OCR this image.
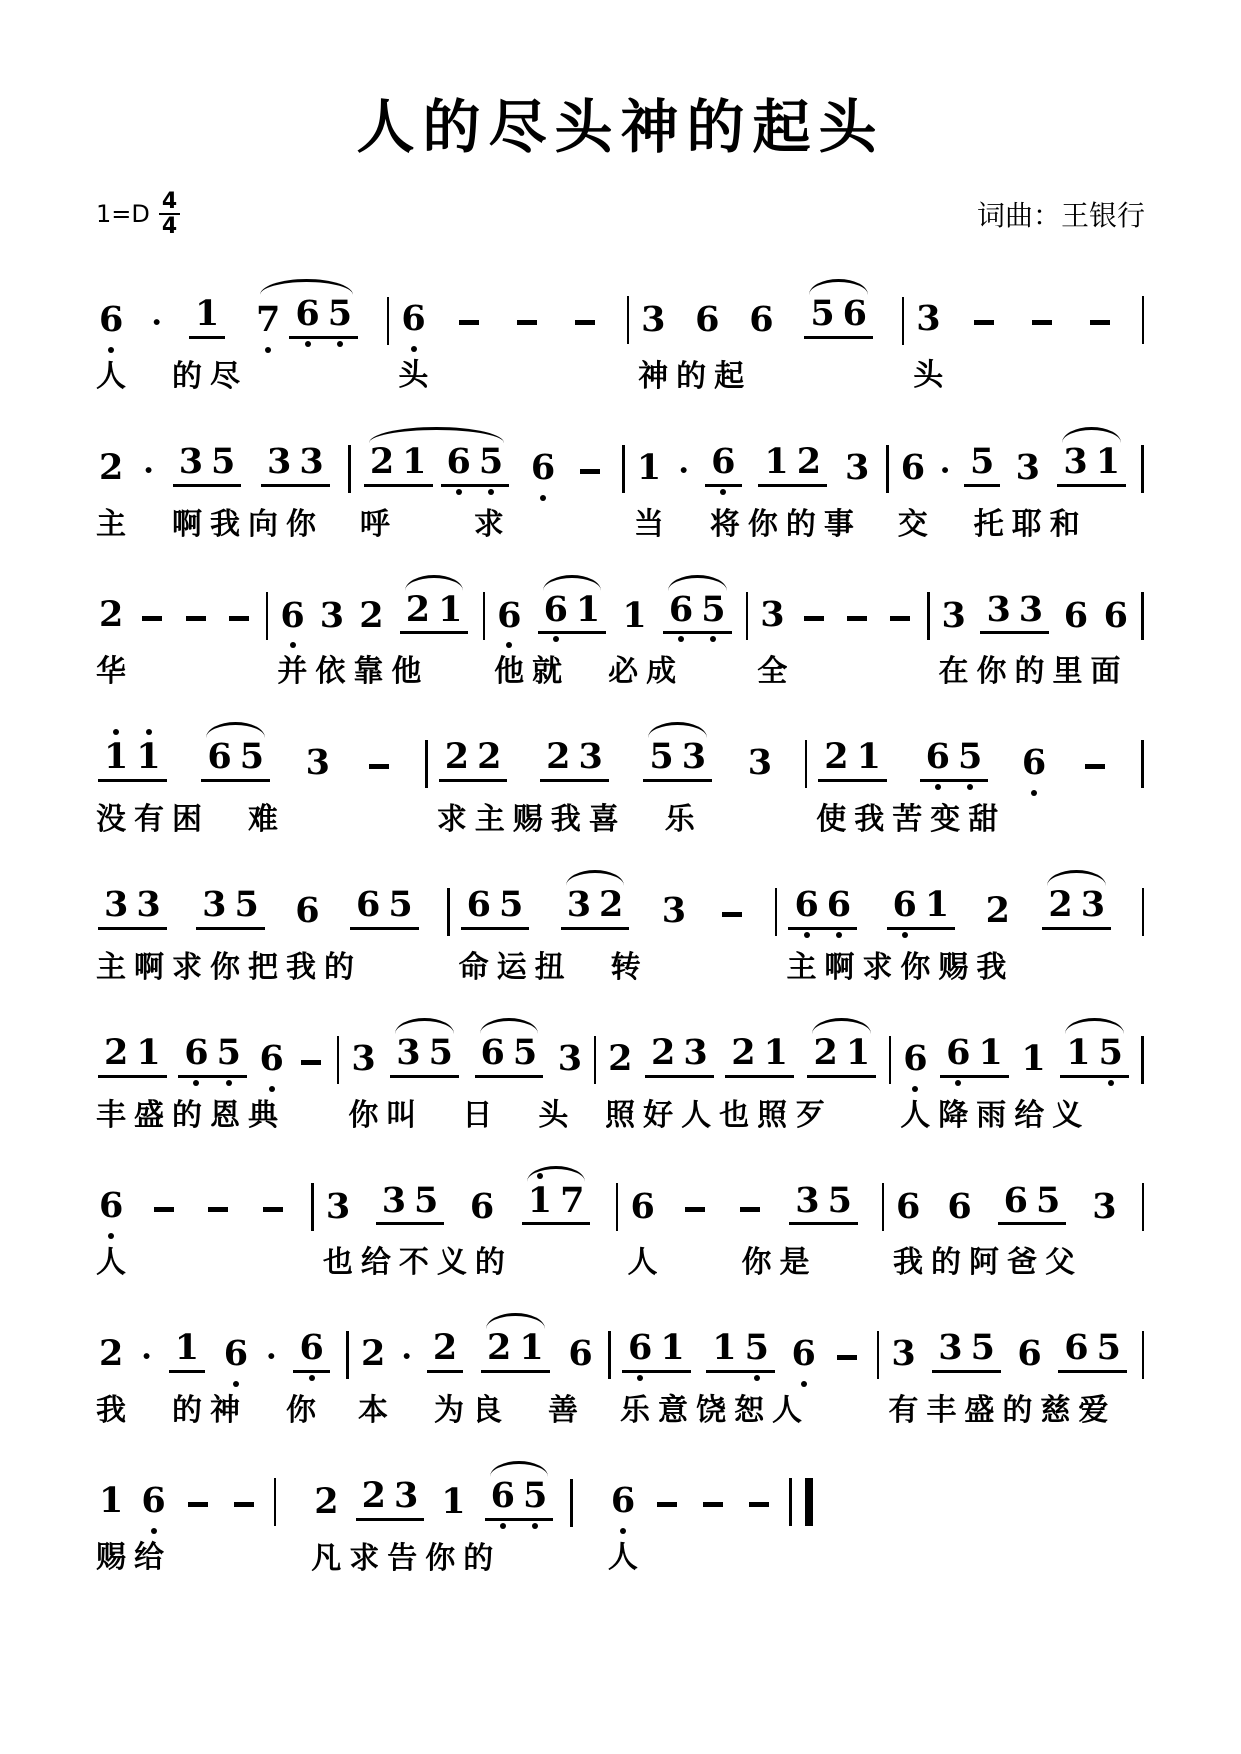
人的尽头神的起头
$1=D \frac{4}{4}$	词曲：王银行
6 · 1 7 6 5
人　的尽
6
头
3 6 6 5 6
神的起
3
头
2 · 3 5 3 3
主　啊我向你
2 1 6 5 6
呼　　求
1 · 6 1 2 3
当　将你的事
6 · 5 3 3 1
交　托耶和
2
华
6 3 2 2 1
并依靠他
6 6 1 1 6 5
他就　必成
3
全
3 3 3 6 6
在你的里面
1 1 6 5 3
没有困　难
2 2 2 3 5 3 3
求主赐我喜　乐
2 1 6 5 6
使我苦变甜
3 3 3 5 6 6 5
主啊求你把我的
6 5 3 2 3
命运扭　转
6 6 6 1 2 2 3
主啊求你赐我
2 1 6 5 6
丰盛的恩典
3 3 5 6 5 3
你叫　日　头
2 2 3 2 1 2 1
照好人也照歹
6 6 1 1 1 5
人降雨给义
6
人
3 3 5 6 1 7
也给不义的
6	3 5
人　　你是
6 6 6 5 3
我的阿爸父
2 · 1 6 · 6
我　的神　你
2 · 2 2 1 6
本　为良　善
6 1 1 5 6
乐意饶恕人
3 3 5 6 6 5
有丰盛的慈爱
1 6
赐给
2 2 3 1 6 5
凡求告你的
6
人
